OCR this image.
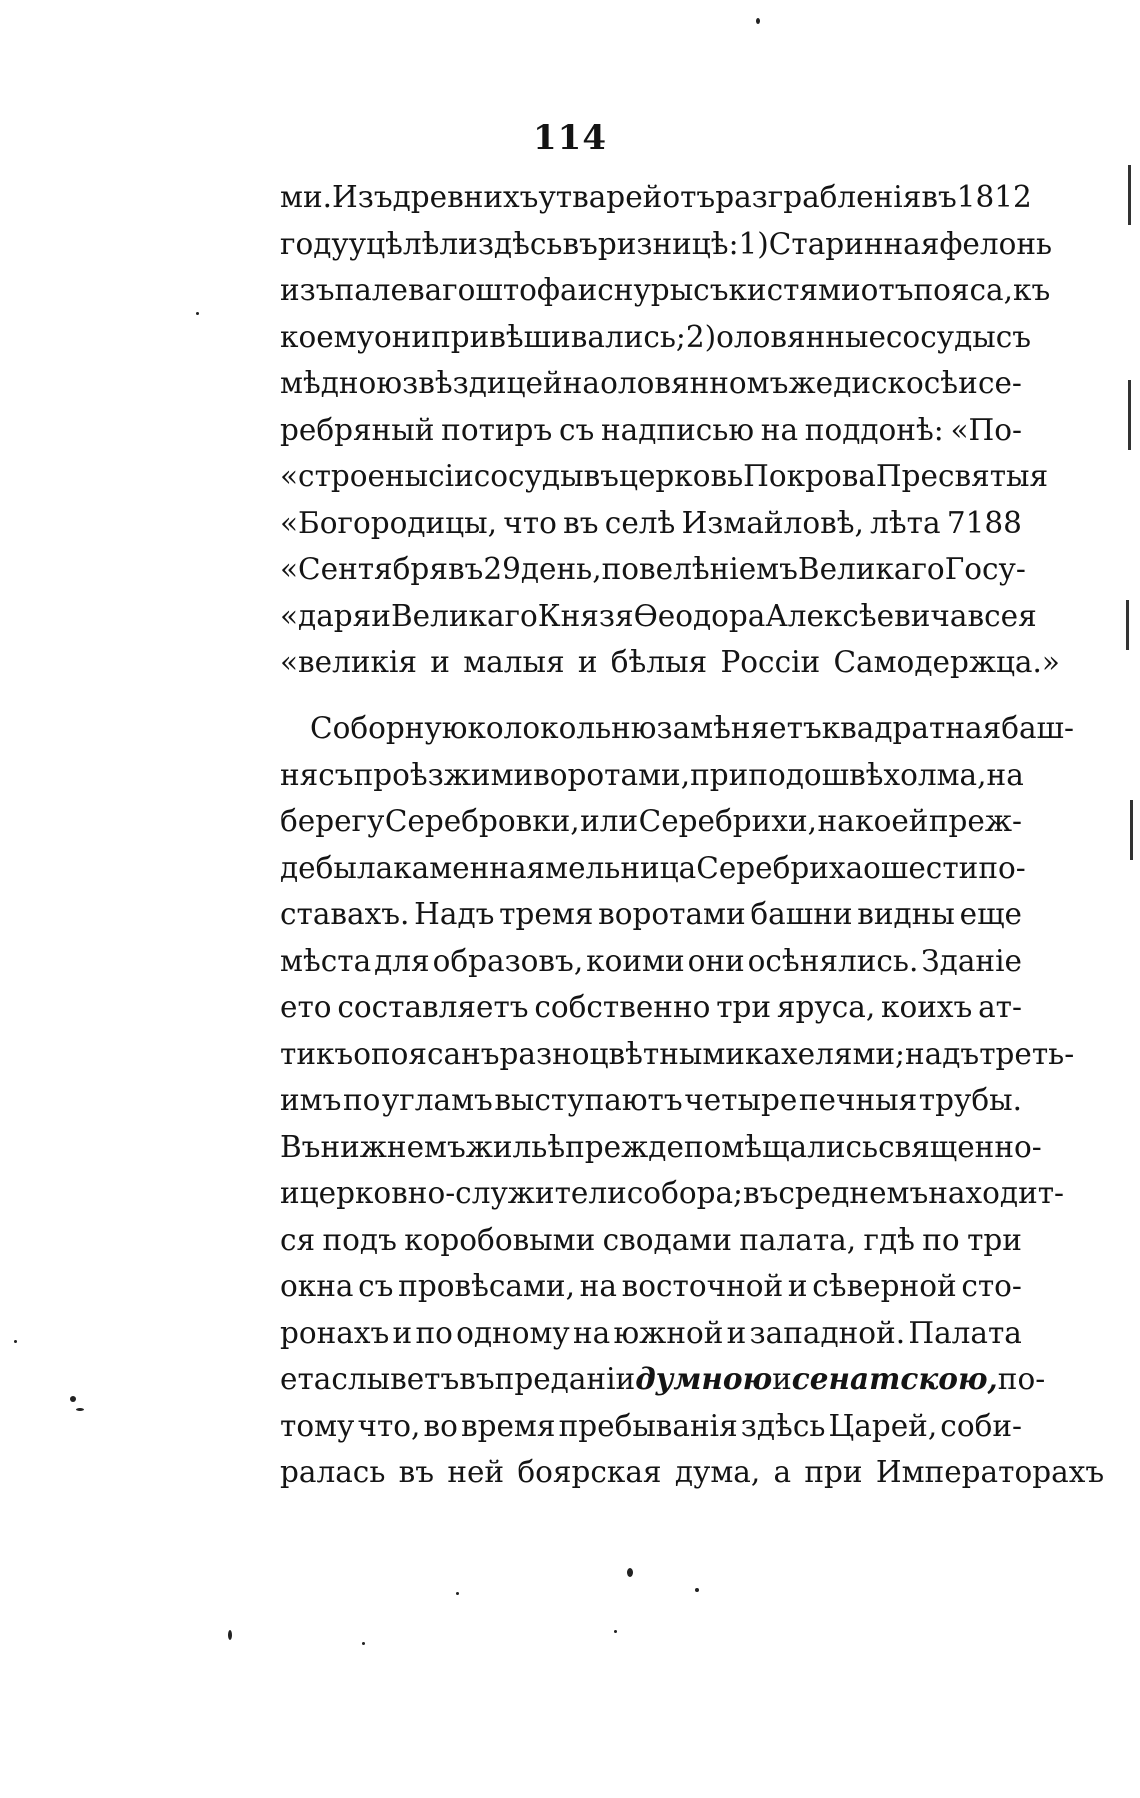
114
ми. Изъ древнихъ утварей отъ разграбленія въ 1812
году уцѣлѣли здѣсь въ ризницѣ: 1) Старинная фелонь
изъ палеваго штофа и снуры съ кистями отъ пояса, къ
коему они привѣшивались; 2) оловянные сосуды съ
мѣдною звѣздицей на оловянномъ же дискосѣ и се-
ребряный потиръ съ надписью на поддонѣ: «По-
«строены сіи сосуды въ церковь Покрова Пресвятыя
«Богородицы, что въ селѣ Измайловѣ, лѣта 7188
«Сентября въ 29 день, повелѣніемъ Великаго Госу-
«даря и Великаго Князя Ѳеодора Алексѣевича всея
«великія и малыя и бѣлыя Россіи Самодержца.»
Соборную колокольню замѣняетъ квадратная баш-
ня съ проѣзжими воротами, при подошвѣ холма, на
берегу Серебровки, или Серебрихи, на коей преж-
де была каменная мельница Серебриха о шести по-
ставахъ. Надъ тремя воротами башни видны еще
мѣста для образовъ, коими они осѣнялись. Зданіе
ето составляетъ собственно три яруса, коихъ ат-
тикъ опоясанъ разноцвѣтными кахелями; надъ треть-
имъ по угламъ выступаютъ четыре печныя трубы.
Въ нижнемъ жильѣ прежде помѣщались священно-
и церковно-служители собора; въ среднемъ находит-
ся подъ коробовыми сводами палата, гдѣ по три
окна съ провѣсами, на восточной и сѣверной сто-
ронахъ и по одному на южной и западной. Палата
ета слыветъ въ преданіи думною и сенатскою, по-
тому что, во время пребыванія здѣсь Царей, соби-
ралась въ ней боярская дума, а при Императорахъ
